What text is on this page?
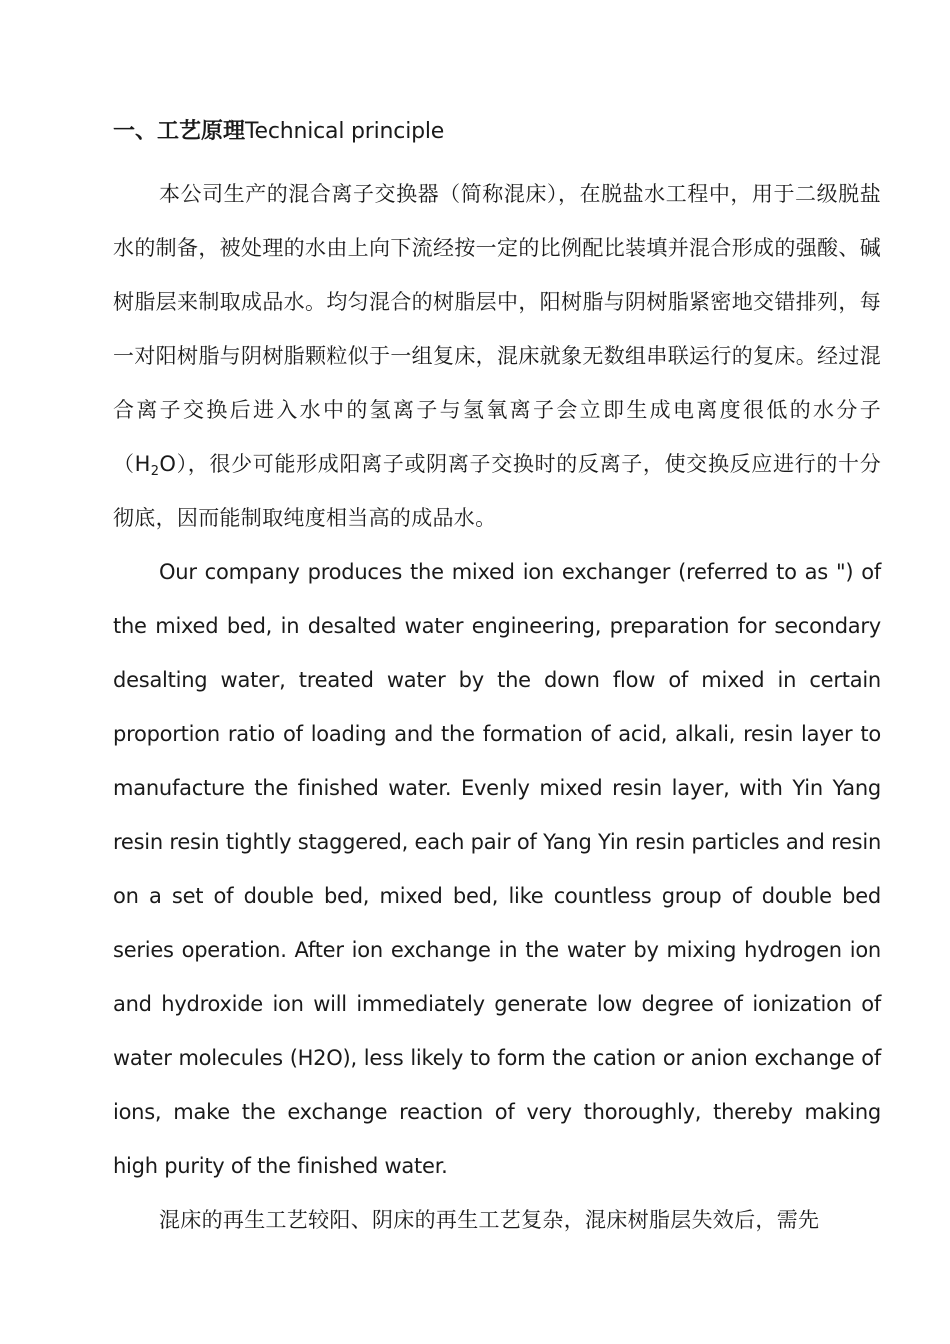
一、工艺原理Technical principle

本公司生产的混合离子交换器（简称混床），在脱盐水工程中，用于二级脱盐水的制备，被处理的水由上向下流经按一定的比例配比装填并混合形成的强酸、碱树脂层来制取成品水。均匀混合的树脂层中，阳树脂与阴树脂紧密地交错排列，每一对阳树脂与阴树脂颗粒似于一组复床，混床就象无数组串联运行的复床。经过混合离子交换后进入水中的氢离子与氢氧离子会立即生成电离度很低的水分子$(H_2O)$，很少可能形成阳离子或阴离子交换时的反离子，使交换反应进行的十分彻底，因而能制取纯度相当高的成品水。

Our company produces the mixed ion exchanger (referred to as ") of the mixed bed, in desalted water engineering, preparation for secondary desalting water, treated water by the down flow of mixed in certain proportion ratio of loading and the formation of acid, alkali, resin layer to manufacture the finished water. Evenly mixed resin layer, with Yin Yang resin resin tightly staggered, each pair of Yang Yin resin particles and resin on a set of double bed, mixed bed, like countless group of double bed series operation. After ion exchange in the water by mixing hydrogen ion and hydroxide ion will immediately generate low degree of ionization of water molecules (H2O), less likely to form the cation or anion exchange of ions, make the exchange reaction of very thoroughly, thereby making high purity of the finished water.

混床的再生工艺较阳、阴床的再生工艺复杂，混床树脂层失效后，需先
